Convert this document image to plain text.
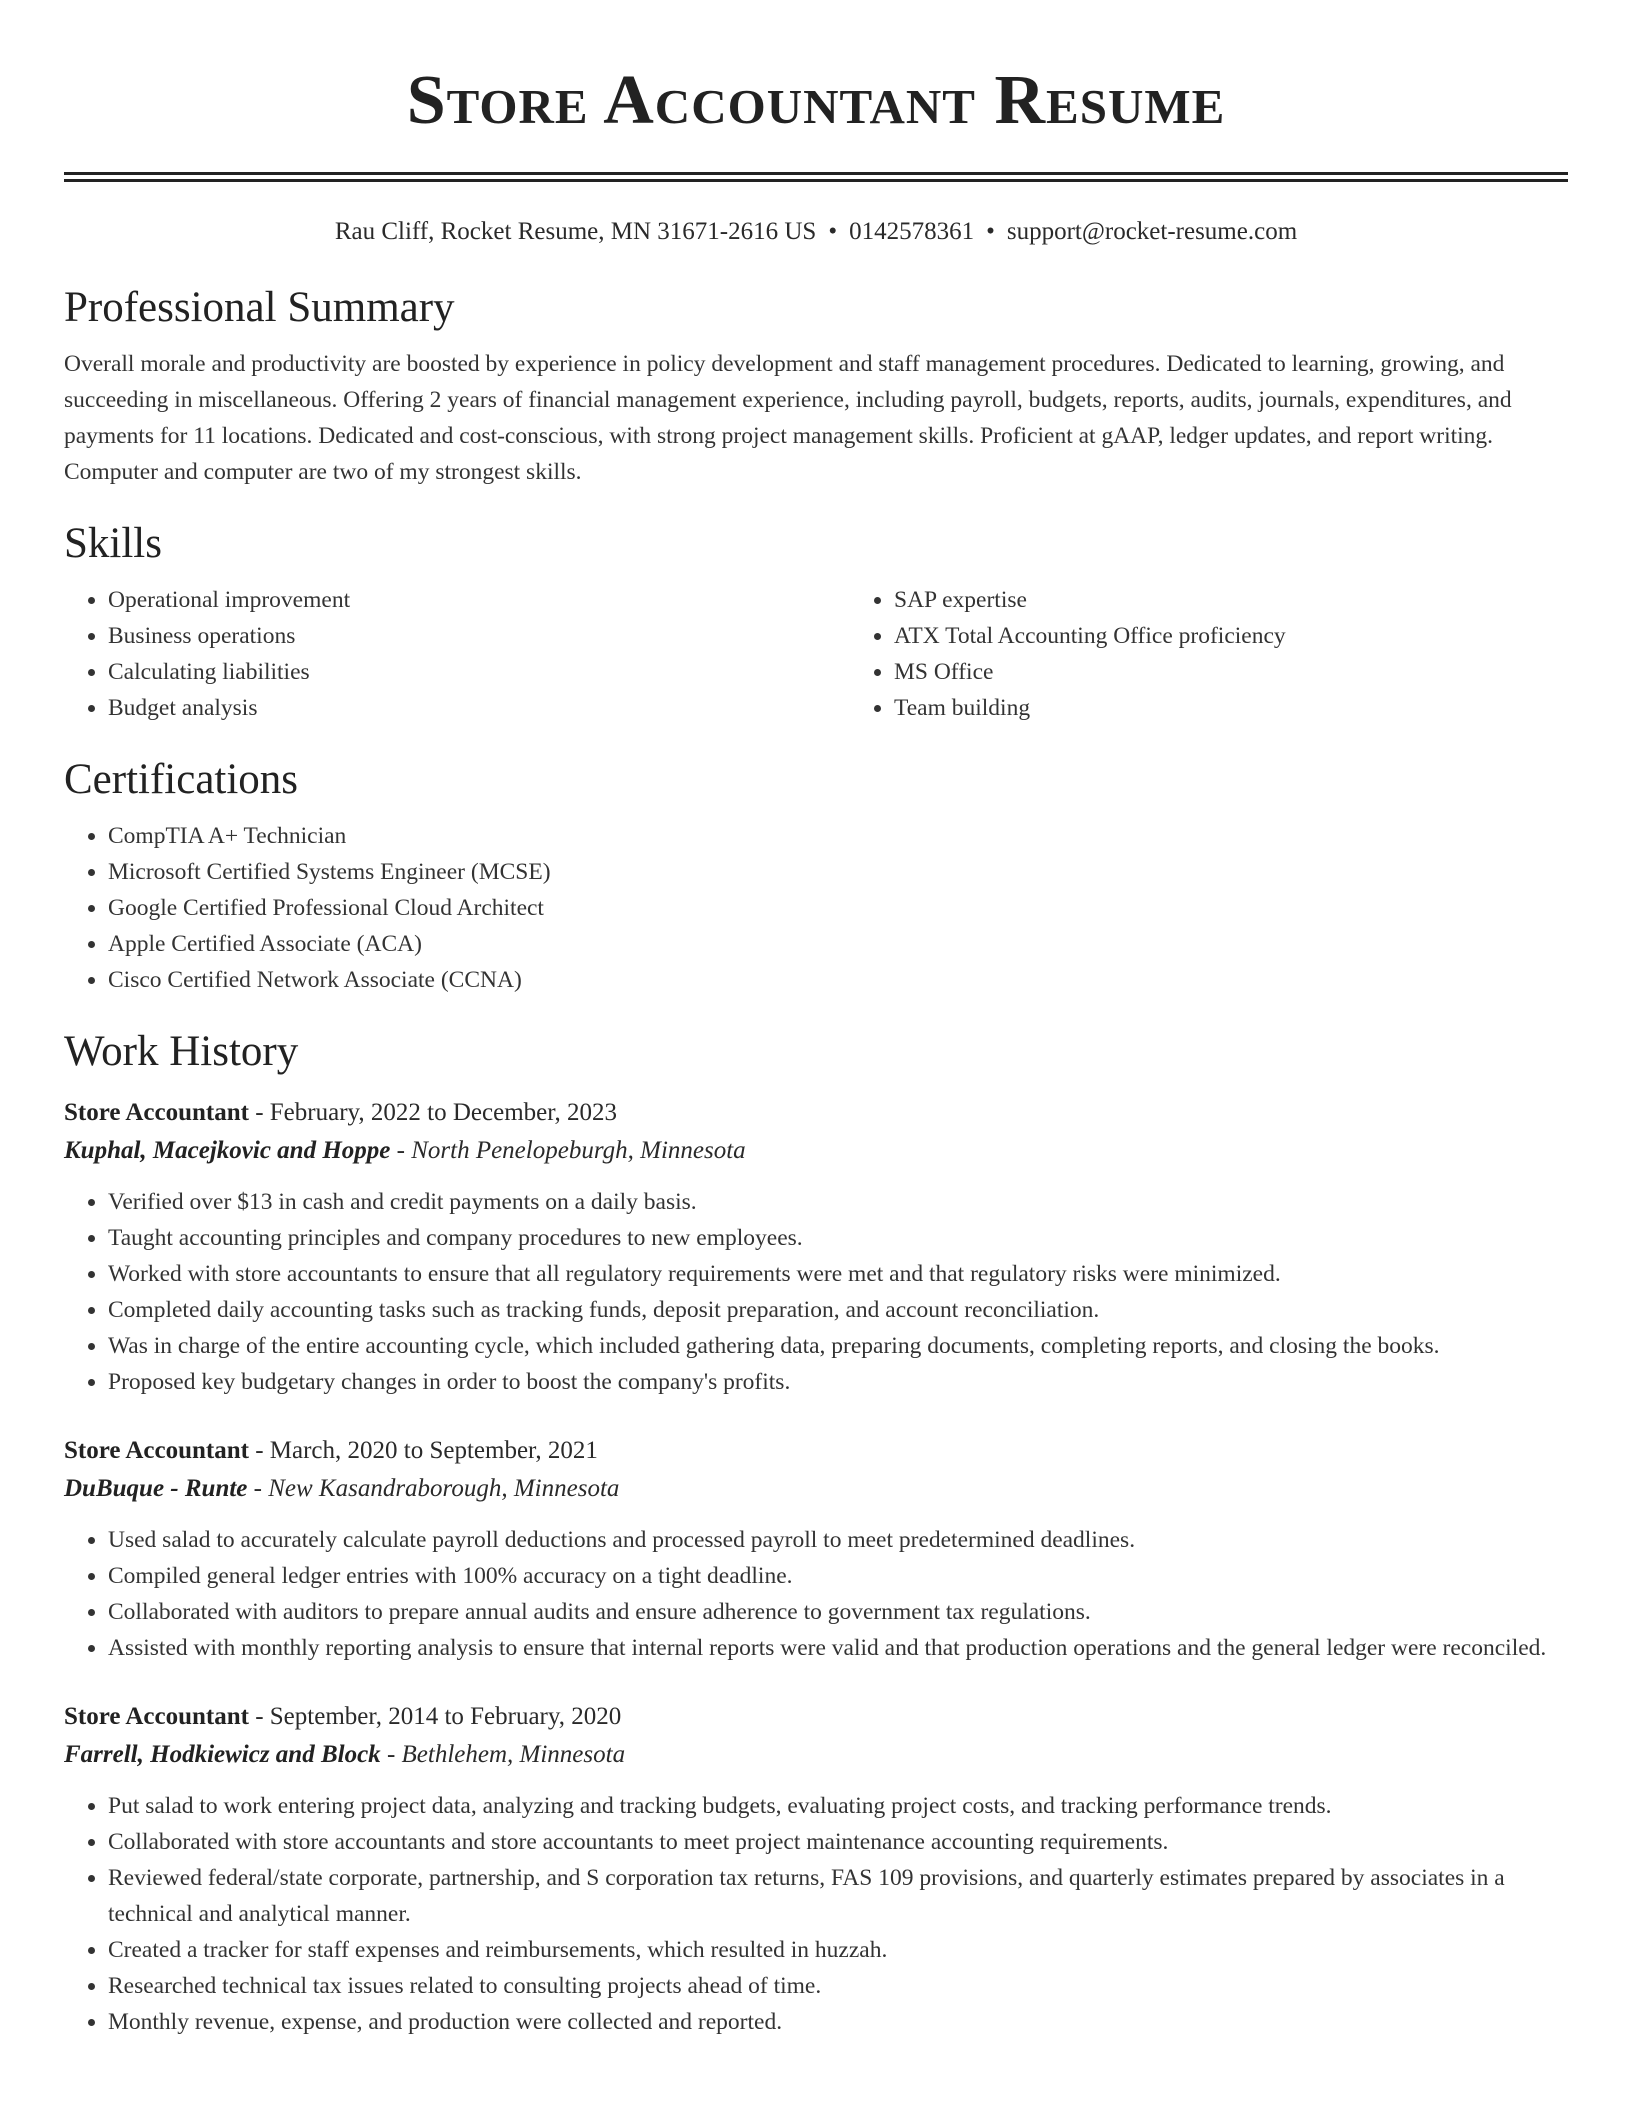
Store Accountant Resume
Rau Cliff, Rocket Resume, MN 31671-2616 US • 0142578361 • support@rocket-resume.com
Professional Summary

Overall morale and productivity are boosted by experience in policy development and staff management procedures. Dedicated to learning, growing, and succeeding in miscellaneous. Offering 2 years of financial management experience, including payroll, budgets, reports, audits, journals, expenditures, and payments for 11 locations. Dedicated and cost-conscious, with strong project management skills. Proficient at gAAP, ledger updates, and report writing. Computer and computer are two of my strongest skills.

Skills
• Operational improvement
• Business operations
• Calculating liabilities
• Budget analysis
• SAP expertise
• ATX Total Accounting Office proficiency
• MS Office
• Team building
Certifications
• CompTIA A+ Technician
• Microsoft Certified Systems Engineer (MCSE)
• Google Certified Professional Cloud Architect
• Apple Certified Associate (ACA)
• Cisco Certified Network Associate (CCNA)
Work History
Store Accountant - February, 2022 to December, 2023
Kuphal, Macejkovic and Hoppe - North Penelopeburgh, Minnesota
• Verified over $13 in cash and credit payments on a daily basis.
• Taught accounting principles and company procedures to new employees.
• Worked with store accountants to ensure that all regulatory requirements were met and that regulatory risks were minimized.
• Completed daily accounting tasks such as tracking funds, deposit preparation, and account reconciliation.
• Was in charge of the entire accounting cycle, which included gathering data, preparing documents, completing reports, and closing the books.
• Proposed key budgetary changes in order to boost the company's profits.
Store Accountant - March, 2020 to September, 2021
DuBuque - Runte - New Kasandraborough, Minnesota
• Used salad to accurately calculate payroll deductions and processed payroll to meet predetermined deadlines.
• Compiled general ledger entries with 100% accuracy on a tight deadline.
• Collaborated with auditors to prepare annual audits and ensure adherence to government tax regulations.
• Assisted with monthly reporting analysis to ensure that internal reports were valid and that production operations and the general ledger were reconciled.
Store Accountant - September, 2014 to February, 2020
Farrell, Hodkiewicz and Block - Bethlehem, Minnesota
• Put salad to work entering project data, analyzing and tracking budgets, evaluating project costs, and tracking performance trends.
• Collaborated with store accountants and store accountants to meet project maintenance accounting requirements.
• Reviewed federal/state corporate, partnership, and S corporation tax returns, FAS 109 provisions, and quarterly estimates prepared by associates in a technical and analytical manner.
• Created a tracker for staff expenses and reimbursements, which resulted in huzzah.
• Researched technical tax issues related to consulting projects ahead of time.
• Monthly revenue, expense, and production were collected and reported.
